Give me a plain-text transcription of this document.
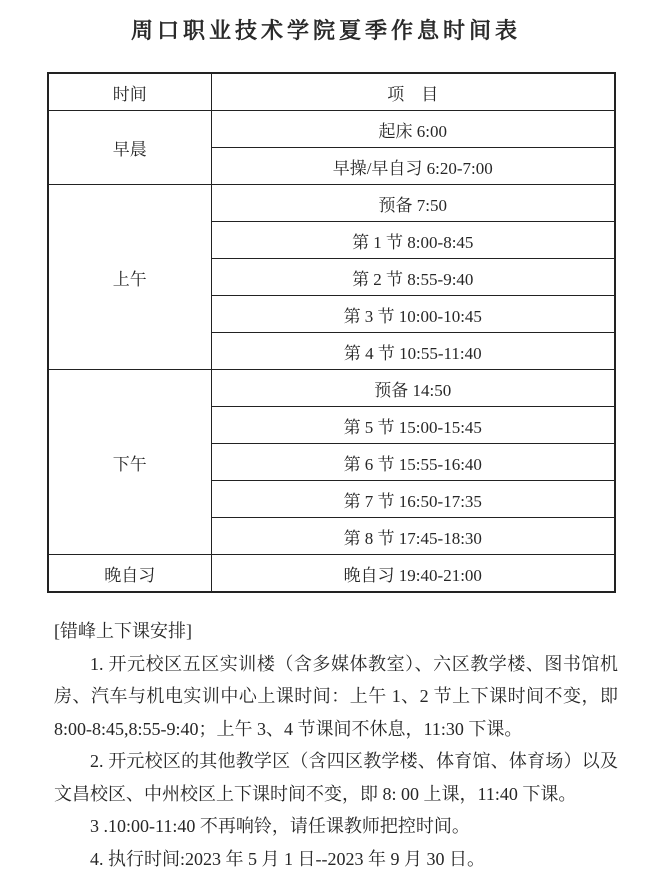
周口职业技术学院夏季作息时间表
时间	项　目
早晨	起床 6:00
	早操/早自习 6:20-7:00
上午	预备 7:50
	第 1 节 8:00-8:45
	第 2 节 8:55-9:40
	第 3 节 10:00-10:45
	第 4 节 10:55-11:40
下午	预备 14:50
	第 5 节 15:00-15:45
	第 6 节 15:55-16:40
	第 7 节 16:50-17:35
	第 8 节 17:45-18:30
晚自习	晚自习 19:40-21:00

[错峰上下课安排]

1. 开元校区五区实训楼（含多媒体教室）、六区教学楼、图书馆机房、汽车与机电实训中心上课时间：上午 1、2 节上下课时间不变，即 8:00-8:45,8:55-9:40；上午 3、4 节课间不休息，11:30 下课。

2. 开元校区的其他教学区（含四区教学楼、体育馆、体育场）以及文昌校区、中州校区上下课时间不变，即 8: 00 上课，11:40 下课。

3 .10:00-11:40 不再响铃，请任课教师把控时间。

4. 执行时间:2023 年 5 月 1 日--2023 年 9 月 30 日。
